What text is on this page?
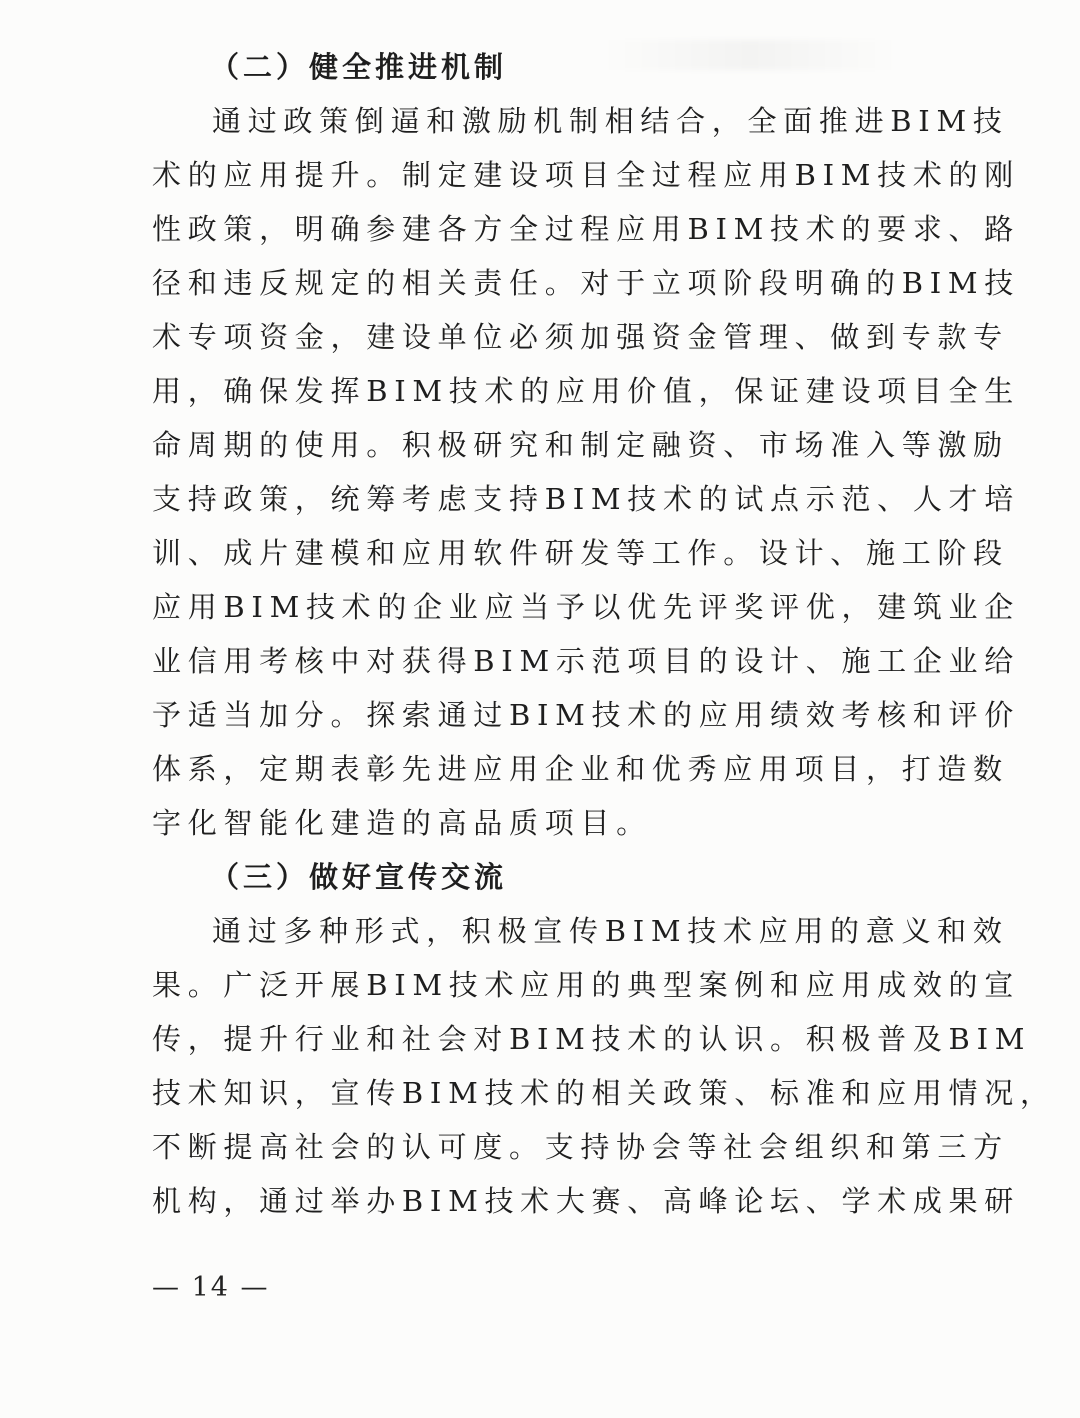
（二）健全推进机制

通过政策倒逼和激励机制相结合，全面推进BIM技

术的应用提升。制定建设项目全过程应用BIM技术的刚

性政策，明确参建各方全过程应用BIM技术的要求、路

径和违反规定的相关责任。对于立项阶段明确的BIM技

术专项资金，建设单位必须加强资金管理、做到专款专

用，确保发挥BIM技术的应用价值，保证建设项目全生

命周期的使用。积极研究和制定融资、市场准入等激励

支持政策，统筹考虑支持BIM技术的试点示范、人才培

训、成片建模和应用软件研发等工作。设计、施工阶段

应用BIM技术的企业应当予以优先评奖评优，建筑业企

业信用考核中对获得BIM示范项目的设计、施工企业给

予适当加分。探索通过BIM技术的应用绩效考核和评价

体系，定期表彰先进应用企业和优秀应用项目，打造数

字化智能化建造的高品质项目。

（三）做好宣传交流

通过多种形式，积极宣传BIM技术应用的意义和效

果。广泛开展BIM技术应用的典型案例和应用成效的宣

传，提升行业和社会对BIM技术的认识。积极普及BIM

技术知识，宣传BIM技术的相关政策、标准和应用情况，

不断提高社会的认可度。支持协会等社会组织和第三方

机构，通过举办BIM技术大赛、高峰论坛、学术成果研

— 14 —
